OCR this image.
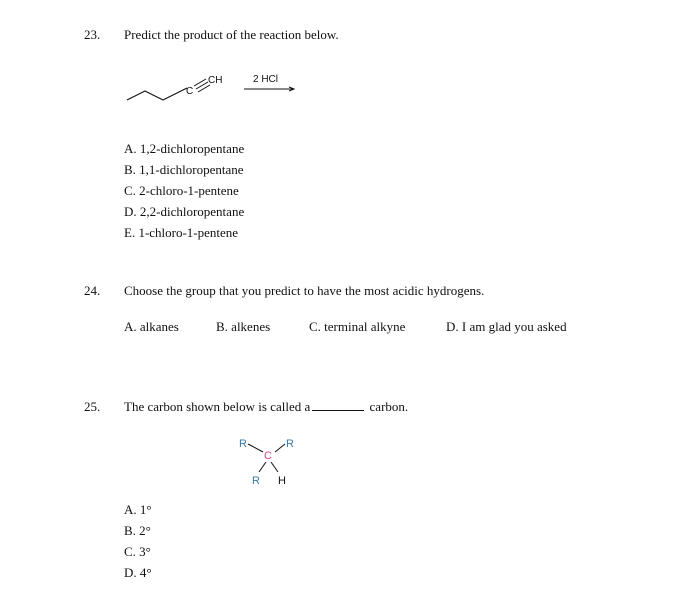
23. Predict the product of the reaction below.
C
CH	2 HCl
A. 1,2-dichloropentane
B. 1,1-dichloropentane
C. 2-chloro-1-pentene
D. 2,2-dichloropentane
E. 1-chloro-1-pentene
24. Choose the group that you predict to have the most acidic hydrogens.
A. alkanes	B. alkenes	C. terminal alkyne	D. I am glad you asked
25. The carbon shown below is called a	carbon.
R	R
C
R H
A. 1°
B. 2°
C. 3°
D. 4°
